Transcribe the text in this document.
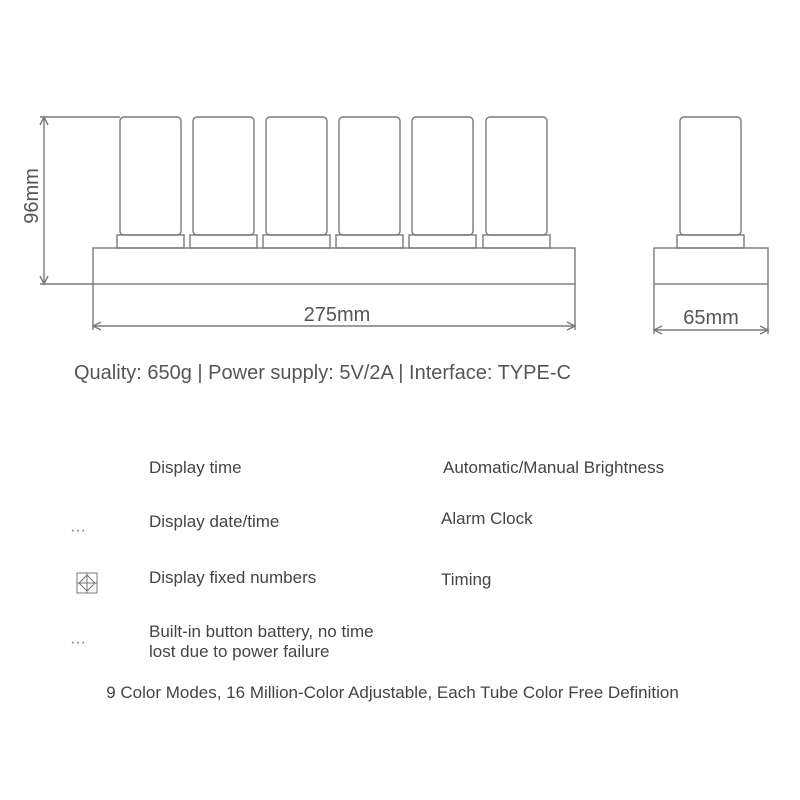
96mm
275mm	65mm
Quality: 650g | Power supply: 5V/2A | Interface: TYPE-C
···
···
Display time
Display date/time
Display fixed numbers
Built-in button battery, no time lost due to power failure
Automatic/Manual Brightness
Alarm Clock
Timing
9 Color Modes, 16 Million-Color Adjustable, Each Tube Color Free Definition
